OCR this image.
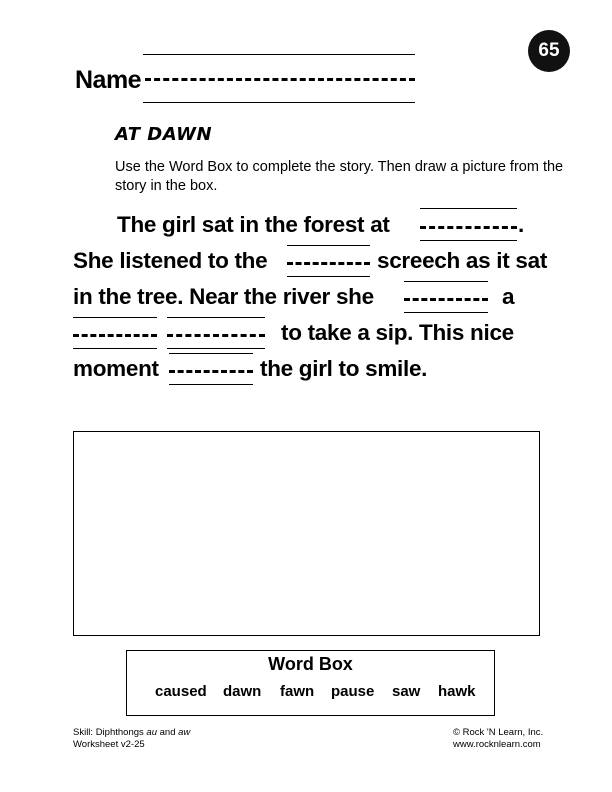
65
Name
AT DAWN
Use the Word Box to complete the story. Then draw a picture from the story in the box.
The girl sat in the forest at	.
She listened to the	screech as it sat
in the tree. Near the river she	a
to take a sip. This nice
moment	the girl to smile.
Word Box
caused dawn fawn pause saw hawk
Skill: Diphthongs au and aw
Worksheet v2-25
© Rock 'N Learn, Inc.
www.rocknlearn.com
